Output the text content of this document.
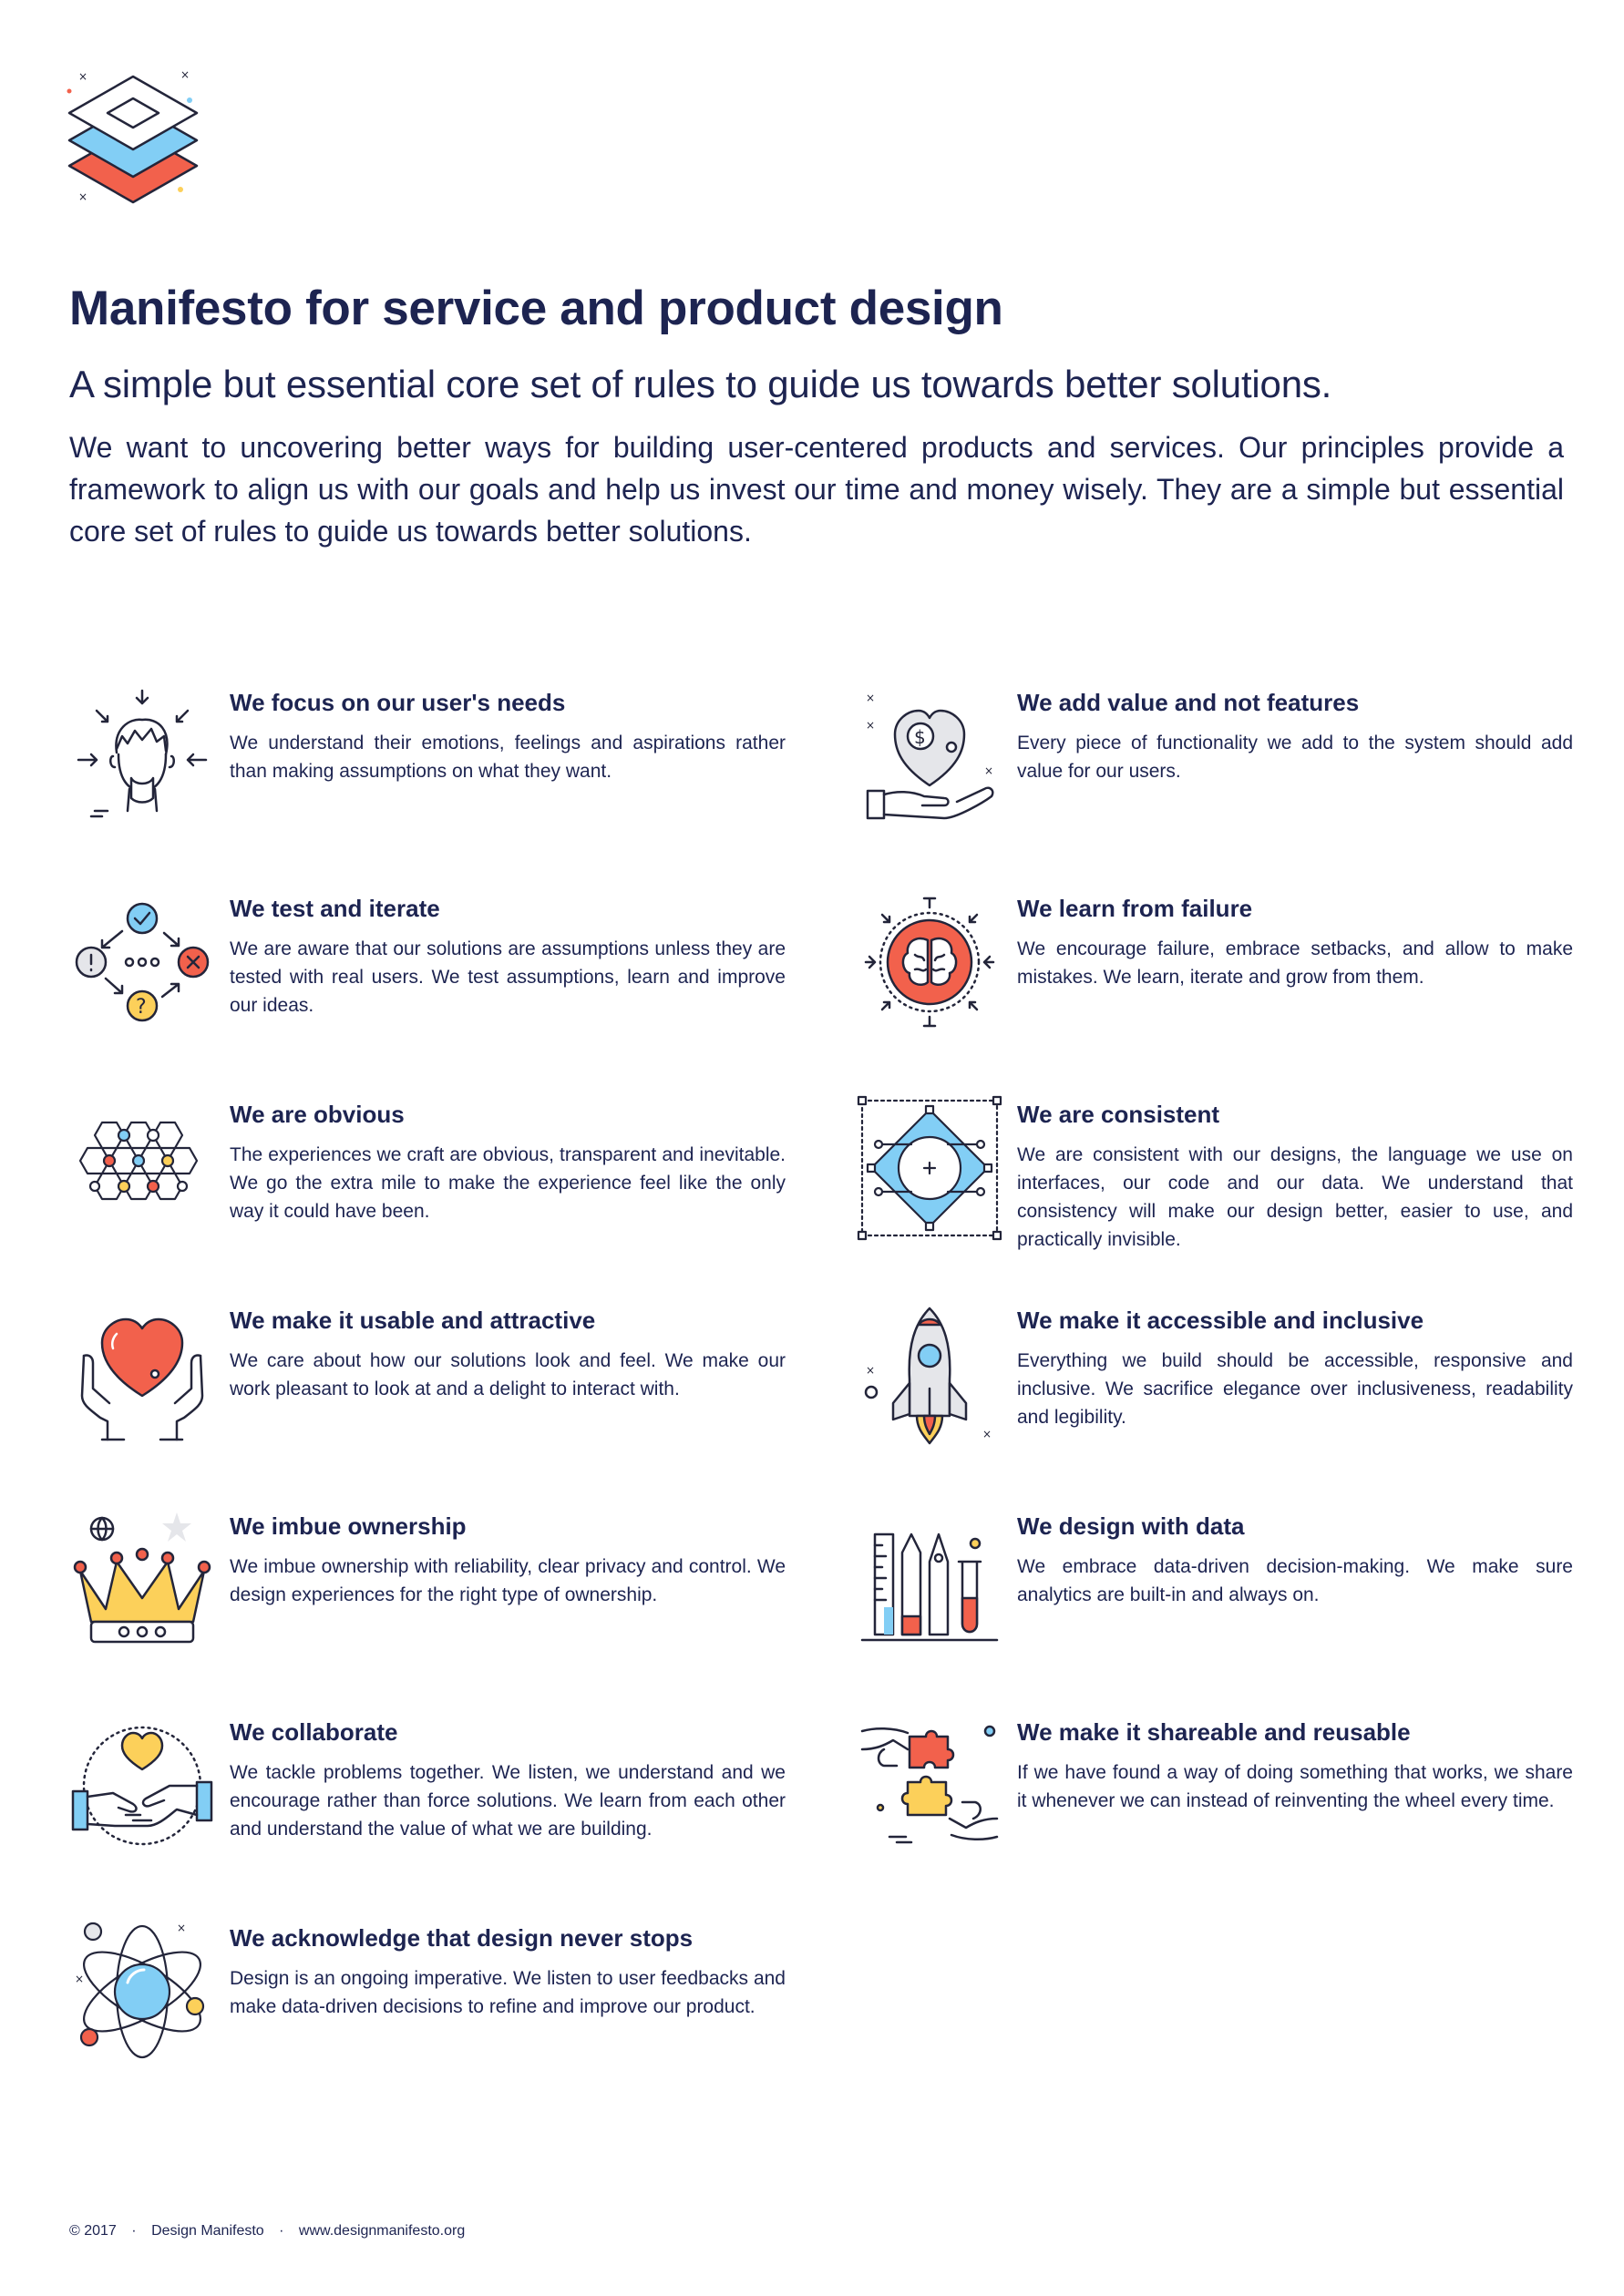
×	×
×
Manifesto for service and product design
A simple but essential core set of rules to guide us towards better solutions.
We want to uncovering better ways for building user-centered products and services. Our principles provide a framework to align us with our goals and help us invest our time and money wisely. They are a simple but essential core set of rules to guide us towards better solutions.
We focus on our user's needs
We understand their emotions, feelings and aspirations rather than making assumptions on what they want.
$
×
×
×
We add value and not features
Every piece of functionality we add to the system should add value for our users.
?
We test and iterate
We are aware that our solutions are assumptions unless they are tested with real users. We test assumptions, learn and improve our ideas.
We learn from failure
We encourage failure, embrace setbacks, and allow to make mistakes. We learn, iterate and grow from them.
We are obvious
The experiences we craft are obvious, transparent and inevitable. We go the extra mile to make the experience feel like the only way it could have been.
We are consistent
We are consistent with our designs, the language we use on interfaces, our code and our data. We understand that consistency will make our design better, easier to use, and practically invisible.
We make it usable and attractive
We care about how our solutions look and feel. We make our work pleasant to look at and a delight to interact with.
×
×
We make it accessible and inclusive
Everything we build should be accessible, responsive and inclusive. We sacrifice elegance over inclusiveness, readability and legibility.
We imbue ownership
We imbue ownership with reliability, clear privacy and control. We design experiences for the right type of ownership.
We design with data
We embrace data-driven decision-making. We make sure analytics are built-in and always on.
We collaborate
We tackle problems together. We listen, we understand and we encourage rather than force solutions. We learn from each other and understand the value of what we are building.
We make it shareable and reusable
If we have found a way of doing something that works, we share it whenever we can instead of reinventing the wheel every time.
×
×
We acknowledge that design never stops
Design is an ongoing imperative. We listen to user feedbacks and make data-driven decisions to refine and improve our product.
© 2017 · Design Manifesto · www.designmanifesto.org
